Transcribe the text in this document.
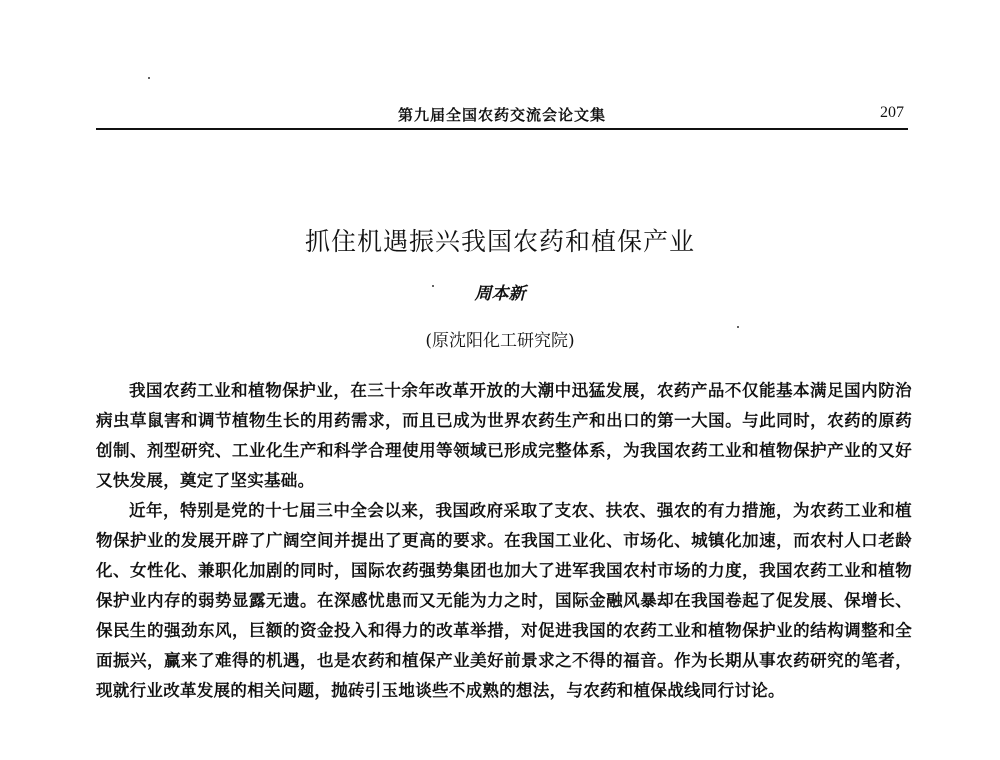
第九届全国农药交流会论文集	207
抓住机遇振兴我国农药和植保产业
周本新
(原沈阳化工研究院)

我国农药工业和植物保护业，在三十余年改革开放的大潮中迅猛发展，农药产品不仅能基本满足国内防治病虫草鼠害和调节植物生长的用药需求，而且已成为世界农药生产和出口的第一大国。与此同时，农药的原药创制、剂型研究、工业化生产和科学合理使用等领域已形成完整体系，为我国农药工业和植物保护产业的又好又快发展，奠定了坚实基础。

近年，特别是党的十七届三中全会以来，我国政府采取了支农、扶农、强农的有力措施，为农药工业和植物保护业的发展开辟了广阔空间并提出了更高的要求。在我国工业化、市场化、城镇化加速，而农村人口老龄化、女性化、兼职化加剧的同时，国际农药强势集团也加大了进军我国农村市场的力度，我国农药工业和植物保护业内存的弱势显露无遗。在深感忧患而又无能为力之时，国际金融风暴却在我国卷起了促发展、保增长、保民生的强劲东风，巨额的资金投入和得力的改革举措，对促进我国的农药工业和植物保护业的结构调整和全面振兴，赢来了难得的机遇，也是农药和植保产业美好前景求之不得的福音。作为长期从事农药研究的笔者，现就行业改革发展的相关问题，抛砖引玉地谈些不成熟的想法，与农药和植保战线同行讨论。
